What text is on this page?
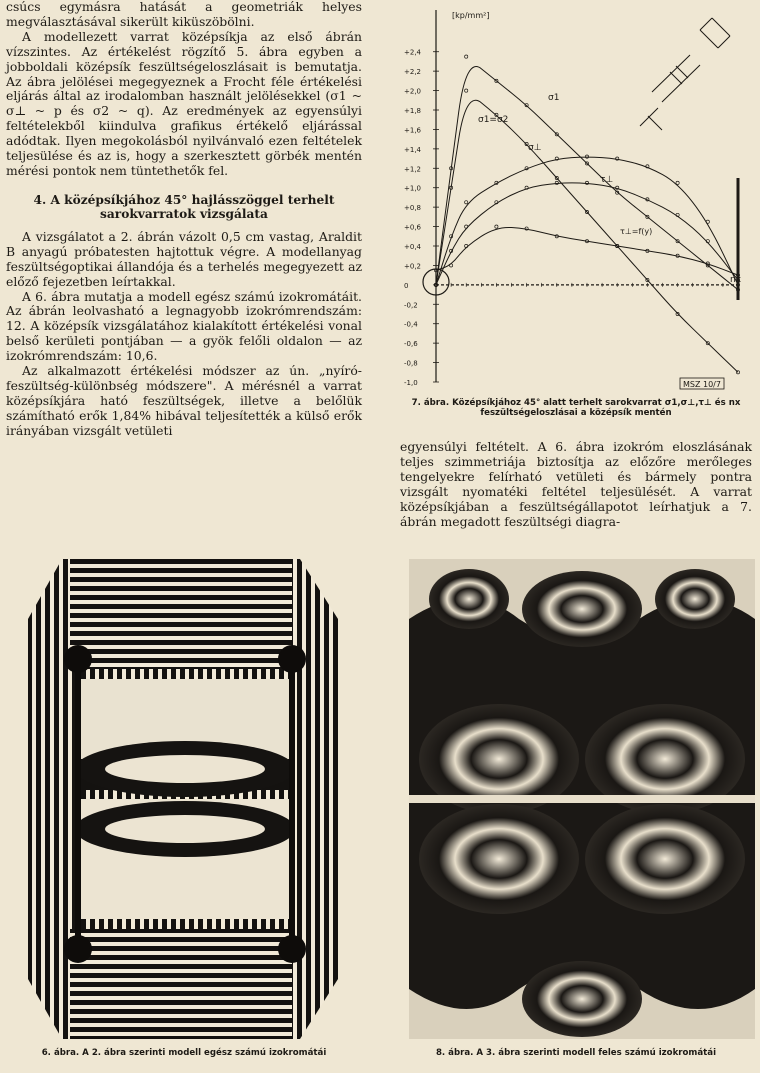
csúcs egymásra hatását a geometriák helyes megválasztásával sikerült kiküszöbölni.

A modellezett varrat középsíkja az első ábrán vízszintes. Az értékelést rögzítő 5. ábra egyben a jobboldali középsík feszültségeloszlásait is bemutatja. Az ábra jelölései megegyeznek a Frocht féle értékelési eljárás által az irodalomban használt jelölésekkel (σ1 ~ σ⊥ ~ p és σ2 ~ q). Az eredmények az egyensúlyi feltételekből kiindulva grafikus értékelő eljárással adódtak. Ilyen megokolásból nyilvánvaló ezen feltételek teljesülése és az is, hogy a szerkesztett görbék mentén mérési pontok nem tüntethetők fel.

4. A középsíkjához 45° hajlásszöggel terhelt
sarokvarratok vizsgálata

A vizsgálatot a 2. ábrán vázolt 0,5 cm vastag, Araldit B anyagú próbatesten hajtottuk végre. A modellanyag feszültségoptikai állandója és a terhelés megegyezett az előző fejezetben leírtakkal.

A 6. ábra mutatja a modell egész számú izokromátáit. Az ábrán leolvasható a legnagyobb izokrómrendszám: 12. A középsík vizsgálatához kialakított értékelési vonal belső kerületi pontjában — a gyök felőli oldalon — az izokrómrendszám: 10,6.

Az alkalmazott értékelési módszer az ún. „nyíró-feszültség-különbség módszere". A mérésnél a varrat középsíkjára ható feszültségek, illetve a belőlük számítható erők 1,84% hibával teljesítették a külső erők irányában vizsgált vetületi

+2,4
+2,2
+2,0
+1,8
+1,6
+1,4
+1,2
+1,0
+0,8
+0,6
+0,4
+0,2
0
-0,2
-0,4
-0,6
-0,8
-1,0
[kp/mm²]
σ1=σ2
σ1
σ⊥
τ⊥
τ⊥=f(y)
nx
MSZ 10/7
7. ábra. Középsíkjához 45° alatt terhelt sarokvarrat σ1,σ⊥,τ⊥ és nx feszültségeloszlásai a középsík mentén

egyensúlyi feltételt. A 6. ábra izokróm eloszlásának teljes szimmetriája biztosítja az előzőre merőleges tengelyekre felírható vetületi és bármely pontra vizsgált nyomatéki feltétel teljesülését. A varrat középsíkjában a feszültségállapotot leírhatjuk a 7. ábrán megadott feszültségi diagra-

6. ábra. A 2. ábra szerinti modell egész számú izokromátái	8. ábra. A 3. ábra szerinti modell feles számú izokromátái
